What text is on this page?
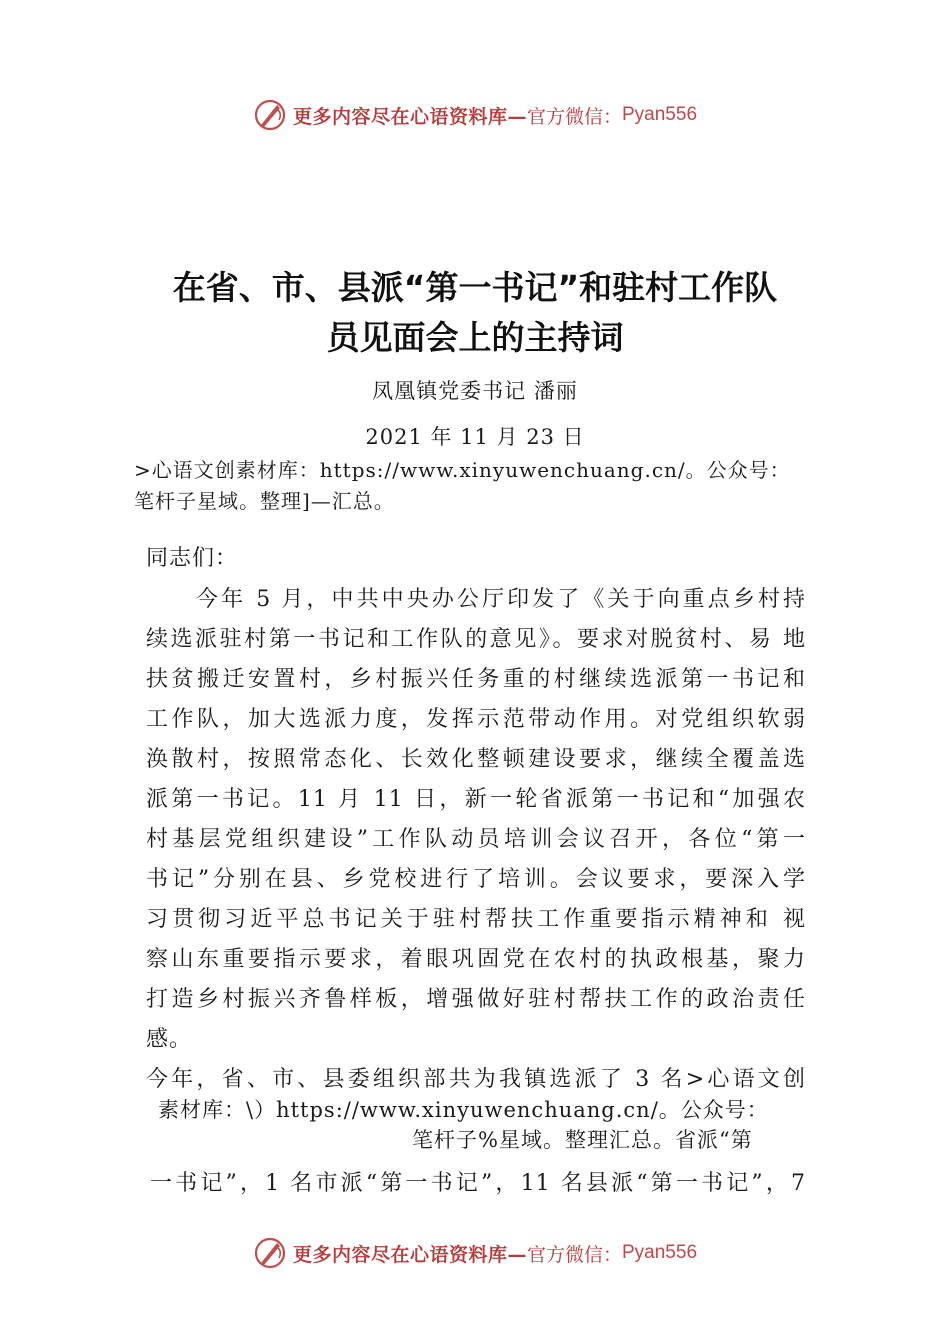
更多内容尽在心语资料库— 官方微信： Pyan556
在省、市、县派“第一书记”和驻村工作队
员见面会上的主持词
凤凰镇党委书记 潘丽
2021 年 11 月 23 日
>心语文创素材库：https://www.xinyuwenchuang.cn/。公众号：
笔杆子星域。整理]—汇总。
同志们：
今年 5 月，中共中央办公厅印发了《关于向重点乡村持
续选派驻村第一书记和工作队的意见》。要求对脱贫村、易 地
扶贫搬迁安置村，乡村振兴任务重的村继续选派第一书记和
工作队，加大选派力度，发挥示范带动作用。对党组织软弱
涣散村，按照常态化、长效化整顿建设要求，继续全覆盖选
派第一书记。11 月 11 日，新一轮省派第一书记和“加强农
村基层党组织建设”工作队动员培训会议召开，各位“第一
书记”分别在县、乡党校进行了培训。会议要求，要深入学
习贯彻习近平总书记关于驻村帮扶工作重要指示精神和 视
察山东重要指示要求，着眼巩固党在农村的执政根基，聚力
打造乡村振兴齐鲁样板，增强做好驻村帮扶工作的政治责任
感。
今年，省、市、县委组织部共为我镇选派了 3 名>心语文创
素材库：\）https://www.xinyuwenchuang.cn/。公众号：
笔杆子%星域。整理汇总。省派“第
一书记”，1 名市派“第一书记”，11 名县派“第一书记”，7
更多内容尽在心语资料库— 官方微信： Pyan556
